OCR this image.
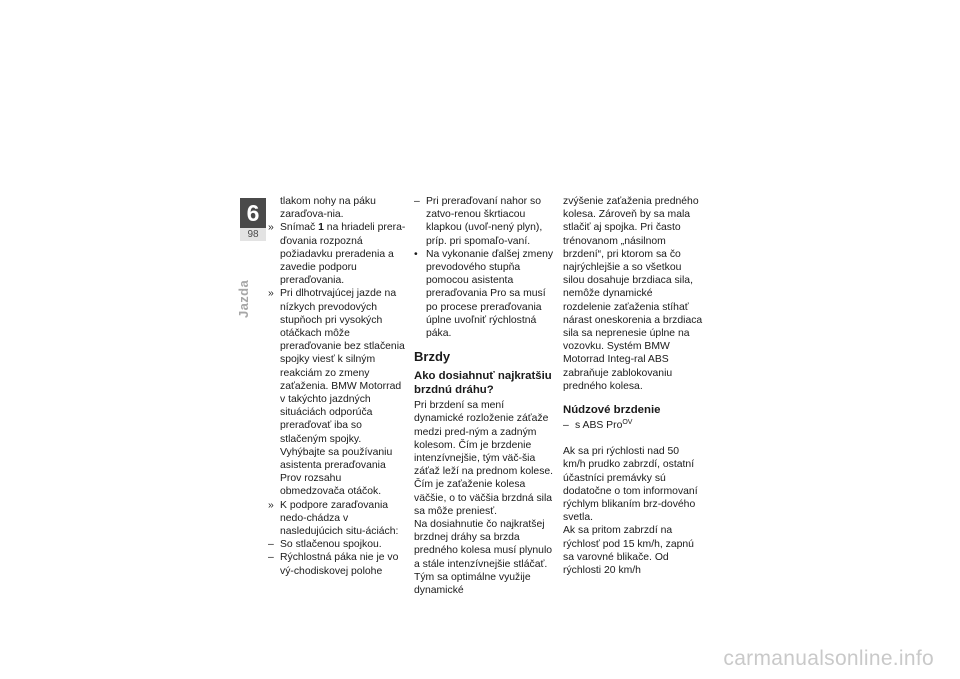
6
98
Jazda
tlakom nohy na páku zaraďova-nia.
» Snímač 1 na hriadeli prera-ďovania rozpozná požiadavku preradenia a zavedie podporu preraďovania.
» Pri dlhotrvajúcej jazde na nízkych prevodových stupňoch pri vysokých otáčkach môže preraďovanie bez stlačenia spojky viesť k silným reakciám zo zmeny zaťaženia. BMW Motorrad v takýchto jazdných situáciách odporúča preraďovať iba so stlačeným spojky. Vyhýbajte sa používaniu asistenta preraďovania
Prov rozsahu obmedzovača otáčok.
» K podpore zaraďovania nedo-chádza v nasledujúcich situ-áciách:
– So stlačenou spojkou.
– Rýchlostná páka nie je vo vý-chodiskovej polohe
– Pri preraďovaní nahor so zatvo-renou škrtiacou klapkou (uvoľ-nený plyn), príp. pri spomaľo-vaní.
• Na vykonanie ďalšej zmeny prevodového stupňa pomocou asistenta preraďovania Pro sa musí po procese preraďovania úplne uvoľniť rýchlostná páka.
Brzdy
Ako dosiahnuť najkratšiu brzdnú dráhu?

Pri brzdení sa mení dynamické rozloženie záťaže medzi pred-ným a zadným kolesom. Čím je brzdenie intenzívnejšie, tým väč-šia záťaž leží na prednom kolese. Čím je zaťaženie kolesa väčšie, o to väčšia brzdná sila sa môže preniesť.

Na dosiahnutie čo najkratšej brzdnej dráhy sa brzda predného kolesa musí plynulo a stále intenzívnejšie stláčať. Tým sa optimálne využije dynamické

zvýšenie zaťaženia predného kolesa. Zároveň by sa mala stlačiť aj spojka. Pri často trénovanom „násilnom brzdení“, pri ktorom sa čo najrýchlejšie a so všetkou silou dosahuje brzdiaca sila, nemôže dynamické rozdelenie zaťaženia stíhať nárast oneskorenia a brzdiaca sila sa neprenesie úplne na vozovku. Systém BMW Motorrad Integ-ral ABS zabraňuje zablokovaniu predného kolesa.

Núdzové brzdenie
– s ABS Pro$^{OV}$

Ak sa pri rýchlosti nad 50 km/h prudko zabrzdí, ostatní účastníci premávky sú dodatočne o tom informovaní rýchlym blikaním brz-dového svetla.

Ak sa pritom zabrzdí na rýchlosť pod 15 km/h, zapnú sa varovné blikače. Od rýchlosti 20 km/h

carmanualsonline.info
